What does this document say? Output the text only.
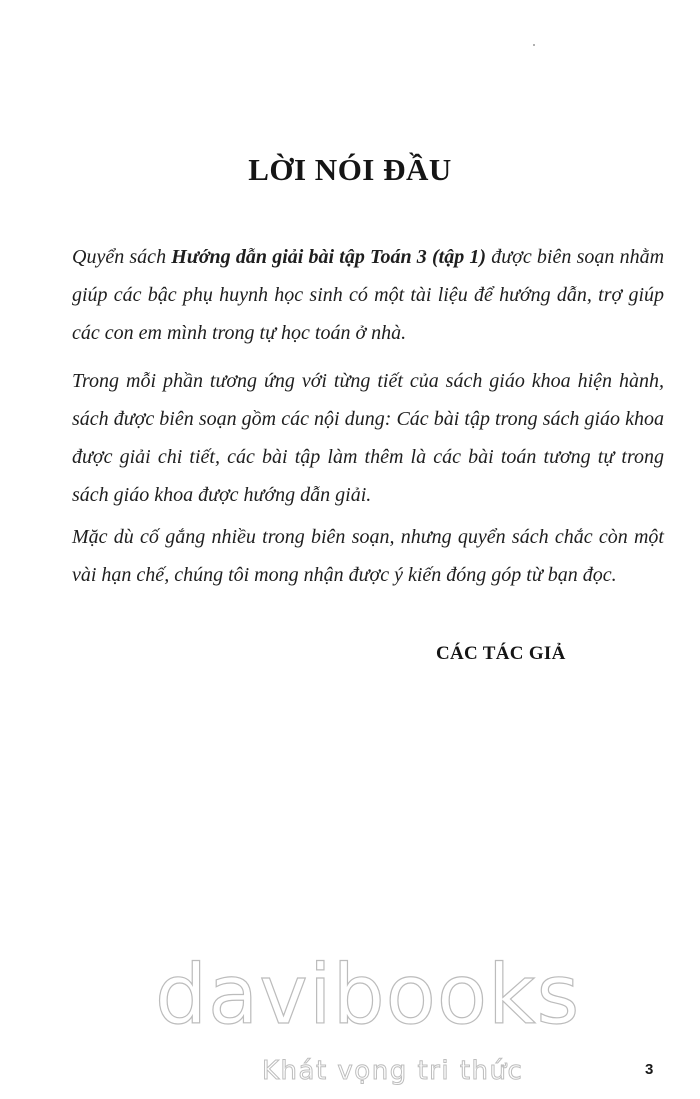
LỜI NÓI ĐẦU

Quyển sách Hướng dẫn giải bài tập Toán 3 (tập 1) được biên soạn nhằm giúp các bậc phụ huynh học sinh có một tài liệu để hướng dẫn, trợ giúp các con em mình trong tự học toán ở nhà.

Trong mỗi phần tương ứng với từng tiết của sách giáo khoa hiện hành, sách được biên soạn gồm các nội dung: Các bài tập trong sách giáo khoa được giải chi tiết, các bài tập làm thêm là các bài toán tương tự trong sách giáo khoa được hướng dẫn giải.

Mặc dù cố gắng nhiều trong biên soạn, nhưng quyển sách chắc còn một vài hạn chế, chúng tôi mong nhận được ý kiến đóng góp từ bạn đọc.

CÁC TÁC GIẢ
davibooks
Khát vọng tri thức	3
